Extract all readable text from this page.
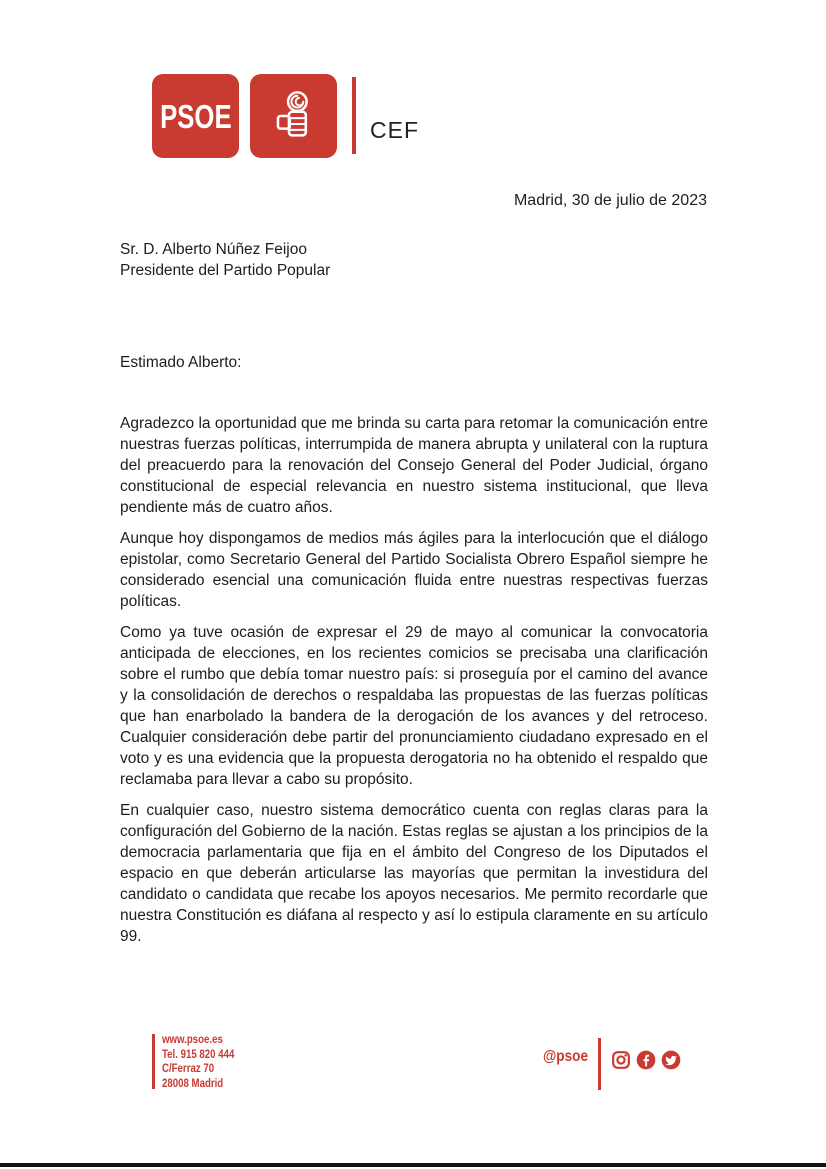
PSOE	CEF
Madrid, 30 de julio de 2023
Sr. D. Alberto Núñez Feijoo
Presidente del Partido Popular
Estimado Alberto:

Agradezco la oportunidad que me brinda su carta para retomar la comunicación entre nuestras fuerzas políticas, interrumpida de manera abrupta y unilateral con la ruptura del preacuerdo para la renovación del Consejo General del Poder Judicial, órgano constitucional de especial relevancia en nuestro sistema institucional, que lleva pendiente más de cuatro años.

Aunque hoy dispongamos de medios más ágiles para la interlocución que el diálogo epistolar, como Secretario General del Partido Socialista Obrero Español siempre he considerado esencial una comunicación fluida entre nuestras respectivas fuerzas políticas.

Como ya tuve ocasión de expresar el 29 de mayo al comunicar la convocatoria anticipada de elecciones, en los recientes comicios se precisaba una clarificación sobre el rumbo que debía tomar nuestro país: si proseguía por el camino del avance y la consolidación de derechos o respaldaba las propuestas de las fuerzas políticas que han enarbolado la bandera de la derogación de los avances y del retroceso. Cualquier consideración debe partir del pronunciamiento ciudadano expresado en el voto y es una evidencia que la propuesta derogatoria no ha obtenido el respaldo que reclamaba para llevar a cabo su propósito.

En cualquier caso, nuestro sistema democrático cuenta con reglas claras para la configuración del Gobierno de la nación. Estas reglas se ajustan a los principios de la democracia parlamentaria que fija en el ámbito del Congreso de los Diputados el espacio en que deberán articularse las mayorías que permitan la investidura del candidato o candidata que recabe los apoyos necesarios. Me permito recordarle que nuestra Constitución es diáfana al respecto y así lo estipula claramente en su artículo 99.

www.psoe.es
Tel. 915 820 444
C/Ferraz 70
28008 Madrid
@psoe
